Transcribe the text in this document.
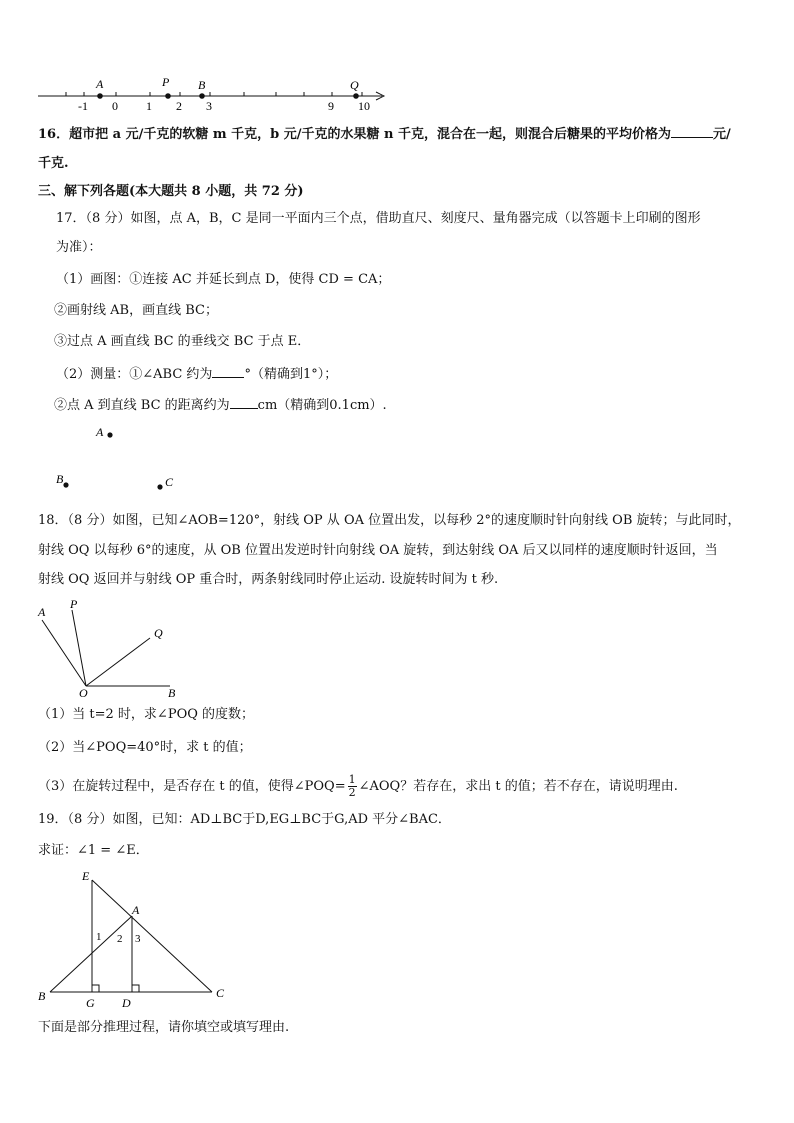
A	P B	Q
-1 0 1 2 3	9 10
16．超市把 a 元/千克的软糖 m 千克，b 元/千克的水果糖 n 千克，混合在一起，则混合后糖果的平均价格为	元/
千克.
三、解下列各题(本大题共 8 小题，共 72 分)
17．（8 分）如图，点 A，B，C 是同一平面内三个点，借助直尺、刻度尺、量角器完成（以答题卡上印刷的图形
为准）：
（1）画图：①连接 AC 并延长到点 D，使得 CD = CA；
②画射线 AB，画直线 BC；
③过点 A 画直线 BC 的垂线交 BC 于点 E．
（2）测量：①∠ABC 约为 °（精确到1°）；
②点 A 到直线 BC 的距离约为 cm（精确到0.1cm）.
A
B	C
18．（8 分）如图，已知∠AOB=120°，射线 OP 从 OA 位置出发，以每秒 2°的速度顺时针向射线 OB 旋转；与此同时，
射线 OQ 以每秒 6°的速度，从 OB 位置出发逆时针向射线 OA 旋转，到达射线 OA 后又以同样的速度顺时针返回，当
射线 OQ 返回并与射线 OP 重合时，两条射线同时停止运动. 设旋转时间为 t 秒.
A
P
Q
O	B
（1）当 t=2 时，求∠POQ 的度数；
（2）当∠POQ=40°时，求 t 的值；
（3）在旋转过程中，是否存在 t 的值，使得∠POQ= $\frac{1}{2}$ ∠AOQ？若存在，求出 t 的值；若不存在，请说明理由.
19．（8 分）如图，已知：AD⊥BC于D,EG⊥BC于G,AD 平分∠BAC．
求证：∠1 = ∠E．
E
A
B	G D
C
1 2 3
下面是部分推理过程，请你填空或填写理由.
